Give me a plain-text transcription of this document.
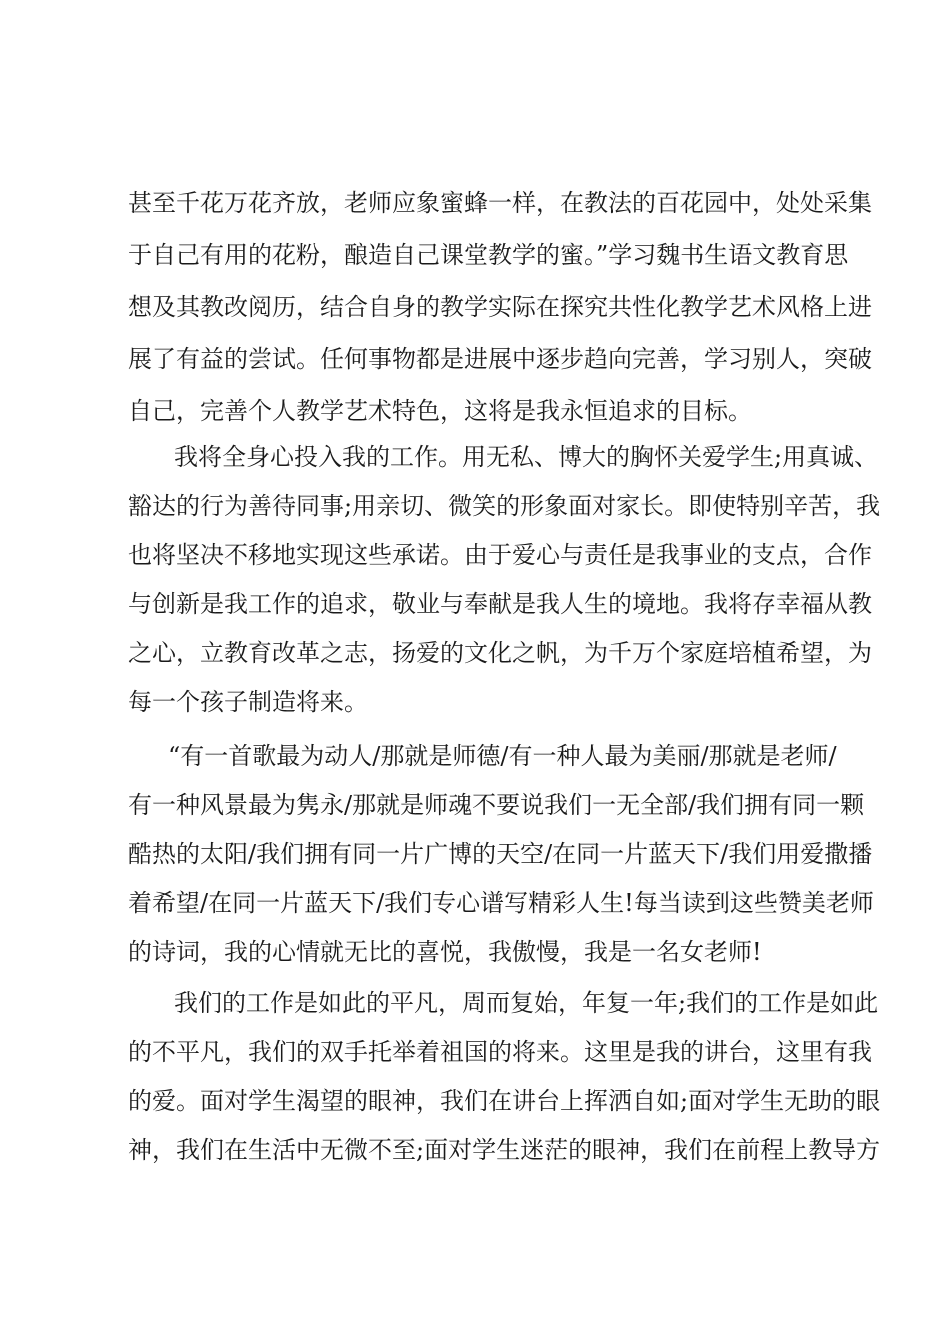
甚至千花万花齐放，老师应象蜜蜂一样，在教法的百花园中，处处采集
于自己有用的花粉，酿造自己课堂教学的蜜。”学习魏书生语文教育思
想及其教改阅历，结合自身的教学实际在探究共性化教学艺术风格上进
展了有益的尝试。任何事物都是进展中逐步趋向完善，学习别人，突破
自己，完善个人教学艺术特色，这将是我永恒追求的目标。
我将全身心投入我的工作。用无私、博大的胸怀关爱学生;用真诚、
豁达的行为善待同事;用亲切、微笑的形象面对家长。即使特别辛苦，我
也将坚决不移地实现这些承诺。由于爱心与责任是我事业的支点，合作
与创新是我工作的追求，敬业与奉献是我人生的境地。我将存幸福从教
之心，立教育改革之志，扬爱的文化之帆，为千万个家庭培植希望，为
每一个孩子制造将来。
“有一首歌最为动人/那就是师德/有一种人最为美丽/那就是老师/
有一种风景最为隽永/那就是师魂不要说我们一无全部/我们拥有同一颗
酷热的太阳/我们拥有同一片广博的天空/在同一片蓝天下/我们用爱撒播
着希望/在同一片蓝天下/我们专心谱写精彩人生!每当读到这些赞美老师
的诗词，我的心情就无比的喜悦，我傲慢，我是一名女老师!
我们的工作是如此的平凡，周而复始，年复一年;我们的工作是如此
的不平凡，我们的双手托举着祖国的将来。这里是我的讲台，这里有我
的爱。面对学生渴望的眼神，我们在讲台上挥洒自如;面对学生无助的眼
神，我们在生活中无微不至;面对学生迷茫的眼神，我们在前程上教导方
